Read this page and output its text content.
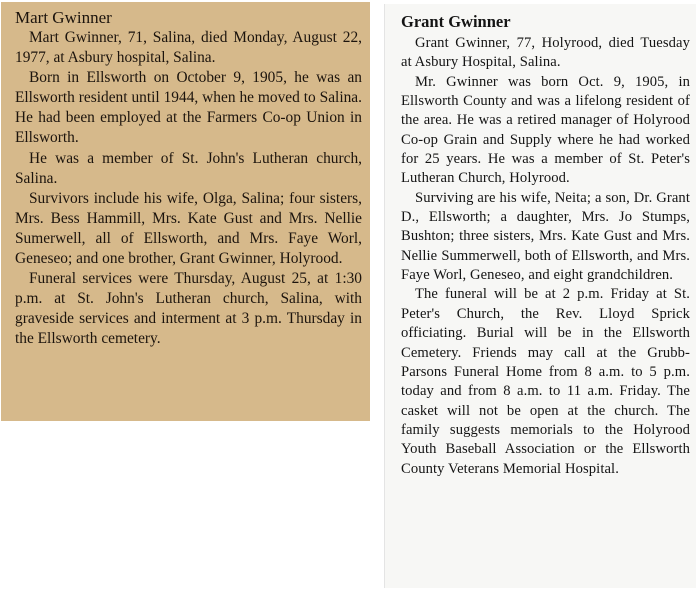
Mart Gwinner

Mart Gwinner, 71, Salina, died Monday, August 22, 1977, at Asbury hospital, Salina.

Born in Ellsworth on October 9, 1905, he was an Ellsworth resident until 1944, when he moved to Salina. He had been employed at the Farmers Co-op Union in Ellsworth.

He was a member of St. John's Lutheran church, Salina.

Survivors include his wife, Olga, Salina; four sisters, Mrs. Bess Hammill, Mrs. Kate Gust and Mrs. Nellie Sumerwell, all of Ellsworth, and Mrs. Faye Worl, Geneseo; and one brother, Grant Gwinner, Holyrood.

Funeral services were Thursday, August 25, at 1:30 p.m. at St. John's Lutheran church, Salina, with graveside services and interment at 3 p.m. Thursday in the Ellsworth cemetery.

Grant Gwinner

Grant Gwinner, 77, Holyrood, died Tuesday at Asbury Hospital, Salina.

Mr. Gwinner was born Oct. 9, 1905, in Ellsworth County and was a lifelong resident of the area. He was a retired manager of Holyrood Co-op Grain and Supply where he had worked for 25 years. He was a member of St. Peter's Lutheran Church, Holyrood.

Surviving are his wife, Neita; a son, Dr. Grant D., Ellsworth; a daughter, Mrs. Jo Stumps, Bushton; three sisters, Mrs. Kate Gust and Mrs. Nellie Summerwell, both of Ellsworth, and Mrs. Faye Worl, Geneseo, and eight grandchildren.

The funeral will be at 2 p.m. Friday at St. Peter's Church, the Rev. Lloyd Sprick officiating. Burial will be in the Ellsworth Cemetery. Friends may call at the Grubb-Parsons Funeral Home from 8 a.m. to 5 p.m. today and from 8 a.m. to 11 a.m. Friday. The casket will not be open at the church. The family suggests memorials to the Holyrood Youth Baseball Association or the Ellsworth County Veterans Memorial Hospital.
